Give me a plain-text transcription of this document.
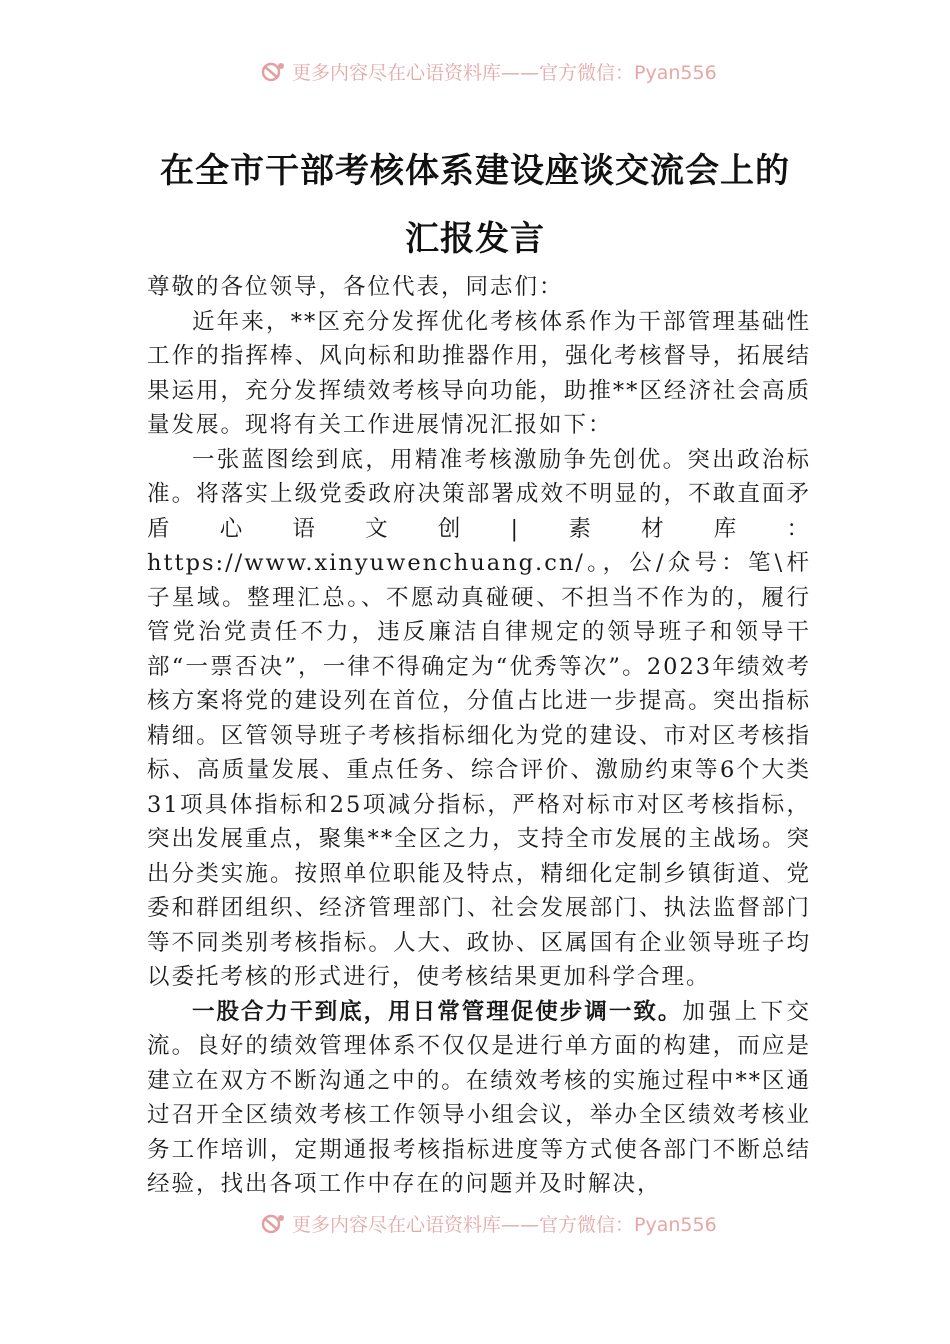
更多内容尽在心语资料库——官方微信：Pyan556
在全市干部考核体系建设座谈交流会上的
汇报发言

尊敬的各位领导，各位代表，同志们：

近年来，**区充分发挥优化考核体系作为干部管理基础性工作的指挥棒、风向标和助推器作用，强化考核督导，拓展结果运用，充分发挥绩效考核导向功能，助推**区经济社会高质量发展。现将有关工作进展情况汇报如下：

一张蓝图绘到底，用精准考核激励争先创优。突出政治标准。将落实上级党委政府决策部署成效不明显的，不敢直面矛盾心语文创|素材库：https://www.xinyuwenchuang.cn/。，公/众号：笔\杆子星域。整理汇总。、不愿动真碰硬、不担当不作为的，履行管党治党责任不力，违反廉洁自律规定的领导班子和领导干部“一票否决”，一律不得确定为“优秀等次”。2023年绩效考核方案将党的建设列在首位，分值占比进一步提高。突出指标精细。区管领导班子考核指标细化为党的建设、市对区考核指标、高质量发展、重点任务、综合评价、激励约束等6个大类31项具体指标和25项减分指标，严格对标市对区考核指标，突出发展重点，聚集**全区之力，支持全市发展的主战场。突出分类实施。按照单位职能及特点，精细化定制乡镇街道、党委和群团组织、经济管理部门、社会发展部门、执法监督部门等不同类别考核指标。人大、政协、区属国有企业领导班子均以委托考核的形式进行，使考核结果更加科学合理。

一股合力干到底，用日常管理促使步调一致。加强上下交流。良好的绩效管理体系不仅仅是进行单方面的构建，而应是建立在双方不断沟通之中的。在绩效考核的实施过程中**区通过召开全区绩效考核工作领导小组会议，举办全区绩效考核业务工作培训，定期通报考核指标进度等方式使各部门不断总结经验，找出各项工作中存在的问题并及时解决，

更多内容尽在心语资料库——官方微信：Pyan556
